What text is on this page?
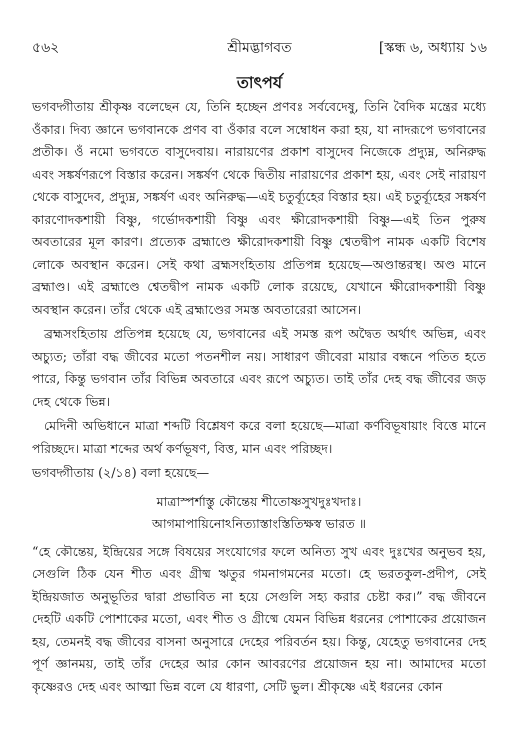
৫৬২	শ্রীমদ্ভাগবত	[স্কন্ধ ৬, অধ্যায় ১৬
তাৎপর্য

ভগবদ্গীতায় শ্রীকৃষ্ণ বলেছেন যে, তিনি হচ্ছেন প্রণবঃ সর্ববেদেষু, তিনি বৈদিক মন্ত্রের মধ্যে ওঁকার। দিব্য জ্ঞানে ভগবানকে প্রণব বা ওঁকার বলে সম্বোধন করা হয়, যা নাদরূপে ভগবানের প্রতীক। ওঁ নমো ভগবতে বাসুদেবায়। নারায়ণের প্রকাশ বাসুদেব নিজেকে প্রদ্যুম্ন, অনিরুদ্ধ এবং সঙ্কর্ষণরূপে বিস্তার করেন। সঙ্কর্ষণ থেকে দ্বিতীয় নারায়ণের প্রকাশ হয়, এবং সেই নারায়ণ থেকে বাসুদেব, প্রদ্যুম্ন, সঙ্কর্ষণ এবং অনিরুদ্ধ—এই চতুর্ব্যূহের বিস্তার হয়। এই চতুর্ব্যূহের সঙ্কর্ষণ কারণোদকশায়ী বিষ্ণু, গর্ভোদকশায়ী বিষ্ণু এবং ক্ষীরোদকশায়ী বিষ্ণু—এই তিন পুরুষ অবতারের মূল কারণ। প্রত্যেক ব্রহ্মাণ্ডে ক্ষীরোদকশায়ী বিষ্ণু শ্বেতদ্বীপ নামক একটি বিশেষ লোকে অবস্থান করেন। সেই কথা ব্রহ্মসংহিতায় প্রতিপন্ন হয়েছে—অণ্ডান্তরস্থ। অণ্ড মানে ব্রহ্মাণ্ড। এই ব্রহ্মাণ্ডে শ্বেতদ্বীপ নামক একটি লোক রয়েছে, যেখানে ক্ষীরোদকশায়ী বিষ্ণু অবস্থান করেন। তাঁর থেকে এই ব্রহ্মাণ্ডের সমস্ত অবতারেরা আসেন।

ব্রহ্মসংহিতায় প্রতিপন্ন হয়েছে যে, ভগবানের এই সমস্ত রূপ অদ্বৈত অর্থাৎ অভিন্ন, এবং অচ্যুত; তাঁরা বদ্ধ জীবের মতো পতনশীল নয়। সাধারণ জীবেরা মায়ার বন্ধনে পতিত হতে পারে, কিন্তু ভগবান তাঁর বিভিন্ন অবতারে এবং রূপে অচ্যুত। তাই তাঁর দেহ বদ্ধ জীবের জড় দেহ থেকে ভিন্ন।

মেদিনী অভিধানে মাত্রা শব্দটি বিশ্লেষণ করে বলা হয়েছে—মাত্রা কর্ণবিভূষায়াং বিত্তে মানে পরিচ্ছদে। মাত্রা শব্দের অর্থ কর্ণভূষণ, বিত্ত, মান এবং পরিচ্ছদ।

ভগবদ্গীতায় (২/১৪) বলা হয়েছে—

মাত্রাস্পর্শাস্তু কৌন্তেয় শীতোষ্ণসুখদুঃখদাঃ।
আগমাপায়িনোঽনিত্যাস্তাংস্তিতিক্ষস্ব ভারত ॥

“হে কৌন্তেয়, ইন্দ্রিয়ের সঙ্গে বিষয়ের সংযোগের ফলে অনিত্য সুখ এবং দুঃখের অনুভব হয়, সেগুলি ঠিক যেন শীত এবং গ্রীষ্ম ঋতুর গমনাগমনের মতো। হে ভরতকুল-প্রদীপ, সেই ইন্দ্রিয়জাত অনুভূতির দ্বারা প্রভাবিত না হয়ে সেগুলি সহ্য করার চেষ্টা কর।” বদ্ধ জীবনে দেহটি একটি পোশাকের মতো, এবং শীত ও গ্রীষ্মে যেমন বিভিন্ন ধরনের পোশাকের প্রয়োজন হয়, তেমনই বদ্ধ জীবের বাসনা অনুসারে দেহের পরিবর্তন হয়। কিন্তু, যেহেতু ভগবানের দেহ পূর্ণ জ্ঞানময়, তাই তাঁর দেহের আর কোন আবরণের প্রয়োজন হয় না। আমাদের মতো কৃষ্ণেরও দেহ এবং আত্মা ভিন্ন বলে যে ধারণা, সেটি ভুল। শ্রীকৃষ্ণে এই ধরনের কোন
